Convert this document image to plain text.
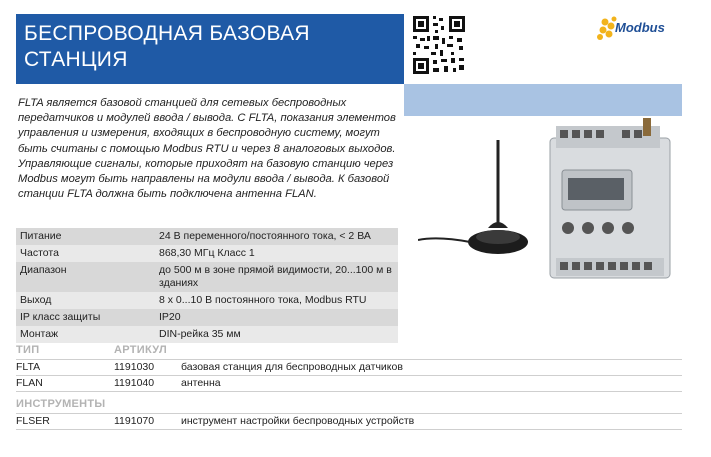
БЕСПРОВОДНАЯ БАЗОВАЯ
СТАНЦИЯ
Modbus
FLTA является базовой станцией для сетевых беспроводных передатчиков и модулей ввода / вывода. С FLTA, показания элементов управления и измерения, входящих в беспроводную систему, могут быть считаны с помощью Modbus RTU и через 8 аналоговых выходов. Управляющие сигналы, которые приходят на базовую станцию через Modbus могут быть направлены на модули ввода / вывода. К базовой станции FLTA должна быть подключена антенна FLAN.
Питание	24 В переменного/постоянного тока, < 2 ВА
Частота	868,30 МГц Класс 1
Диапазон	до 500 м в зоне прямой видимости, 20...100 м в зданиях
Выход	8 x 0...10 В постоянного тока, Modbus RTU
IP класс защиты	IP20
Монтаж	DIN-рейка 35 мм
ТИП	АРТИКУЛ
FLTA	1191030	базовая станция для беспроводных датчиков
FLAN	1191040	антенна
ИНСТРУМЕНТЫ
FLSER	1191070	инструмент настройки беспроводных устройств
